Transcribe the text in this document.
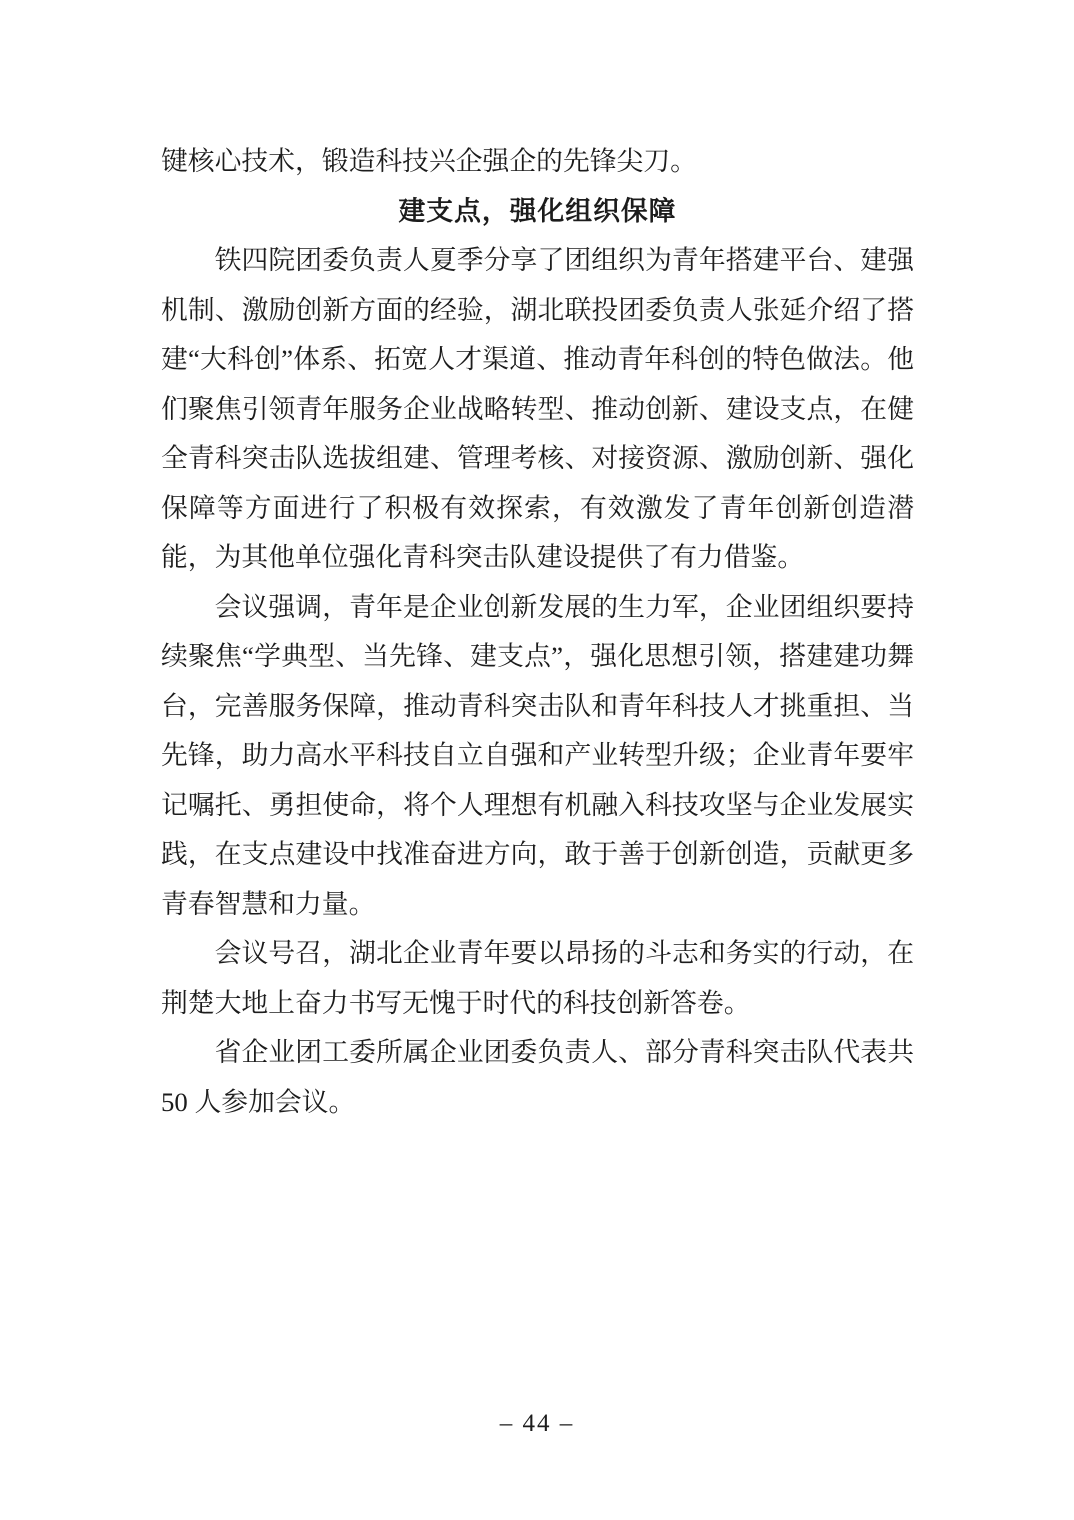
键核心技术，锻造科技兴企强企的先锋尖刀。

建支点，强化组织保障

铁四院团委负责人夏季分享了团组织为青年搭建平台、建强机制、激励创新方面的经验，湖北联投团委负责人张延介绍了搭建“大科创”体系、拓宽人才渠道、推动青年科创的特色做法。他们聚焦引领青年服务企业战略转型、推动创新、建设支点，在健全青科突击队选拔组建、管理考核、对接资源、激励创新、强化保障等方面进行了积极有效探索，有效激发了青年创新创造潜能，为其他单位强化青科突击队建设提供了有力借鉴。

会议强调，青年是企业创新发展的生力军，企业团组织要持续聚焦“学典型、当先锋、建支点”，强化思想引领，搭建建功舞台，完善服务保障，推动青科突击队和青年科技人才挑重担、当先锋，助力高水平科技自立自强和产业转型升级；企业青年要牢记嘱托、勇担使命，将个人理想有机融入科技攻坚与企业发展实践，在支点建设中找准奋进方向，敢于善于创新创造，贡献更多青春智慧和力量。

会议号召，湖北企业青年要以昂扬的斗志和务实的行动，在荆楚大地上奋力书写无愧于时代的科技创新答卷。

省企业团工委所属企业团委负责人、部分青科突击队代表共50 人参加会议。

– 44 –
